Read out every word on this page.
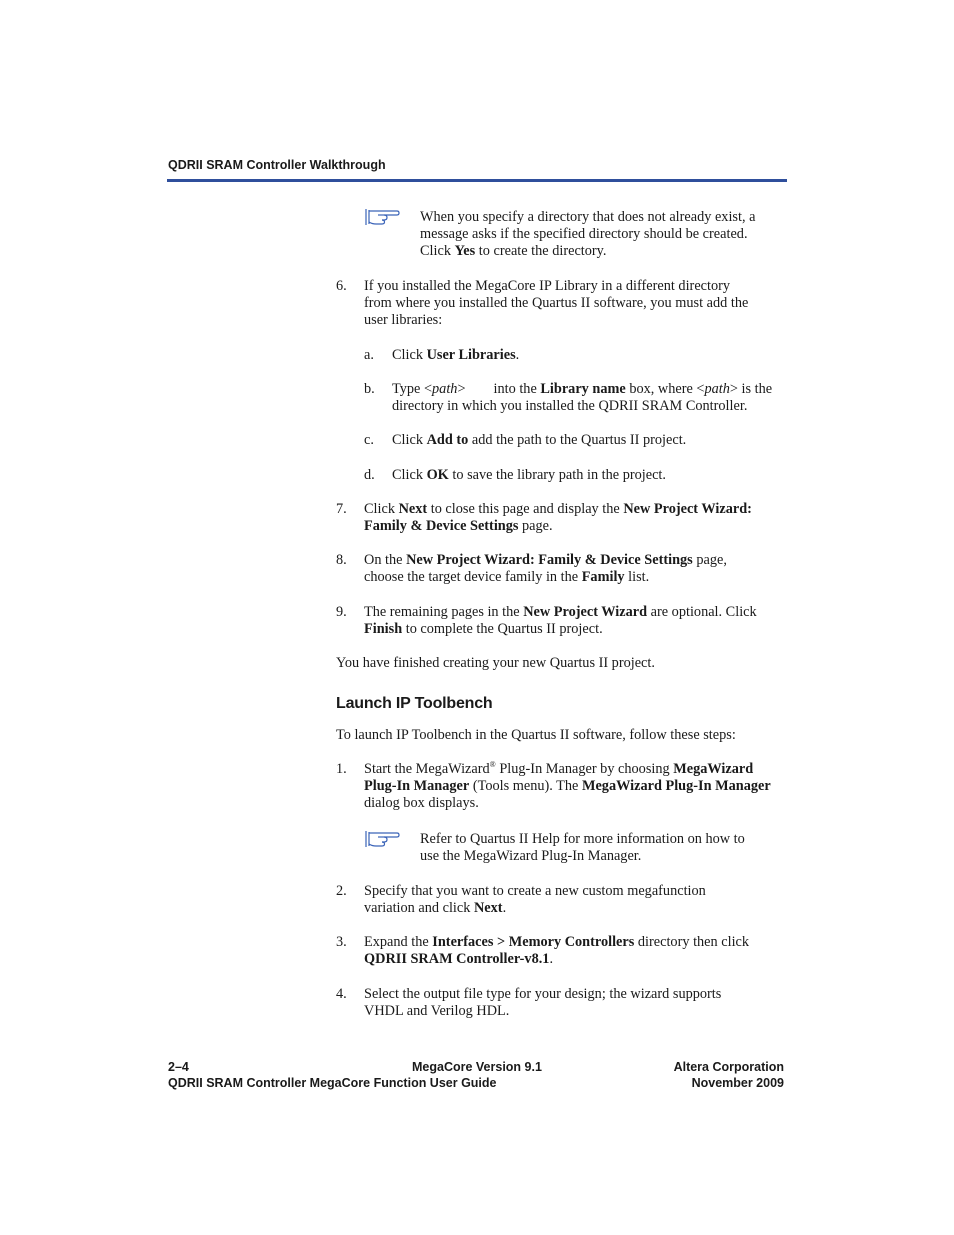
QDRII SRAM Controller Walkthrough
When you specify a directory that does not already exist, a
message asks if the specified directory should be created.
Click Yes to create the directory.
6. If you installed the MegaCore IP Library in a different directory
from where you installed the Quartus II software, you must add the
user libraries:
a. Click User Libraries.
b. Type <path> into the Library name box, where <path> is the
directory in which you installed the QDRII SRAM Controller.
c. Click Add to add the path to the Quartus II project.
d. Click OK to save the library path in the project.
7. Click Next to close this page and display the New Project Wizard:
Family & Device Settings page.
8. On the New Project Wizard: Family & Device Settings page,
choose the target device family in the Family list.
9. The remaining pages in the New Project Wizard are optional. Click
Finish to complete the Quartus II project.
You have finished creating your new Quartus II project.
Launch IP Toolbench
To launch IP Toolbench in the Quartus II software, follow these steps:
1. Start the MegaWizard® Plug-In Manager by choosing MegaWizard
Plug-In Manager (Tools menu). The MegaWizard Plug-In Manager
dialog box displays.
Refer to Quartus II Help for more information on how to
use the MegaWizard Plug-In Manager.
2. Specify that you want to create a new custom megafunction
variation and click Next.
3. Expand the Interfaces > Memory Controllers directory then click
QDRII SRAM Controller-v8.1.
4. Select the output file type for your design; the wizard supports
VHDL and Verilog HDL.
2–4	MegaCore Version 9.1	Altera Corporation
QDRII SRAM Controller MegaCore Function User Guide	November 2009
